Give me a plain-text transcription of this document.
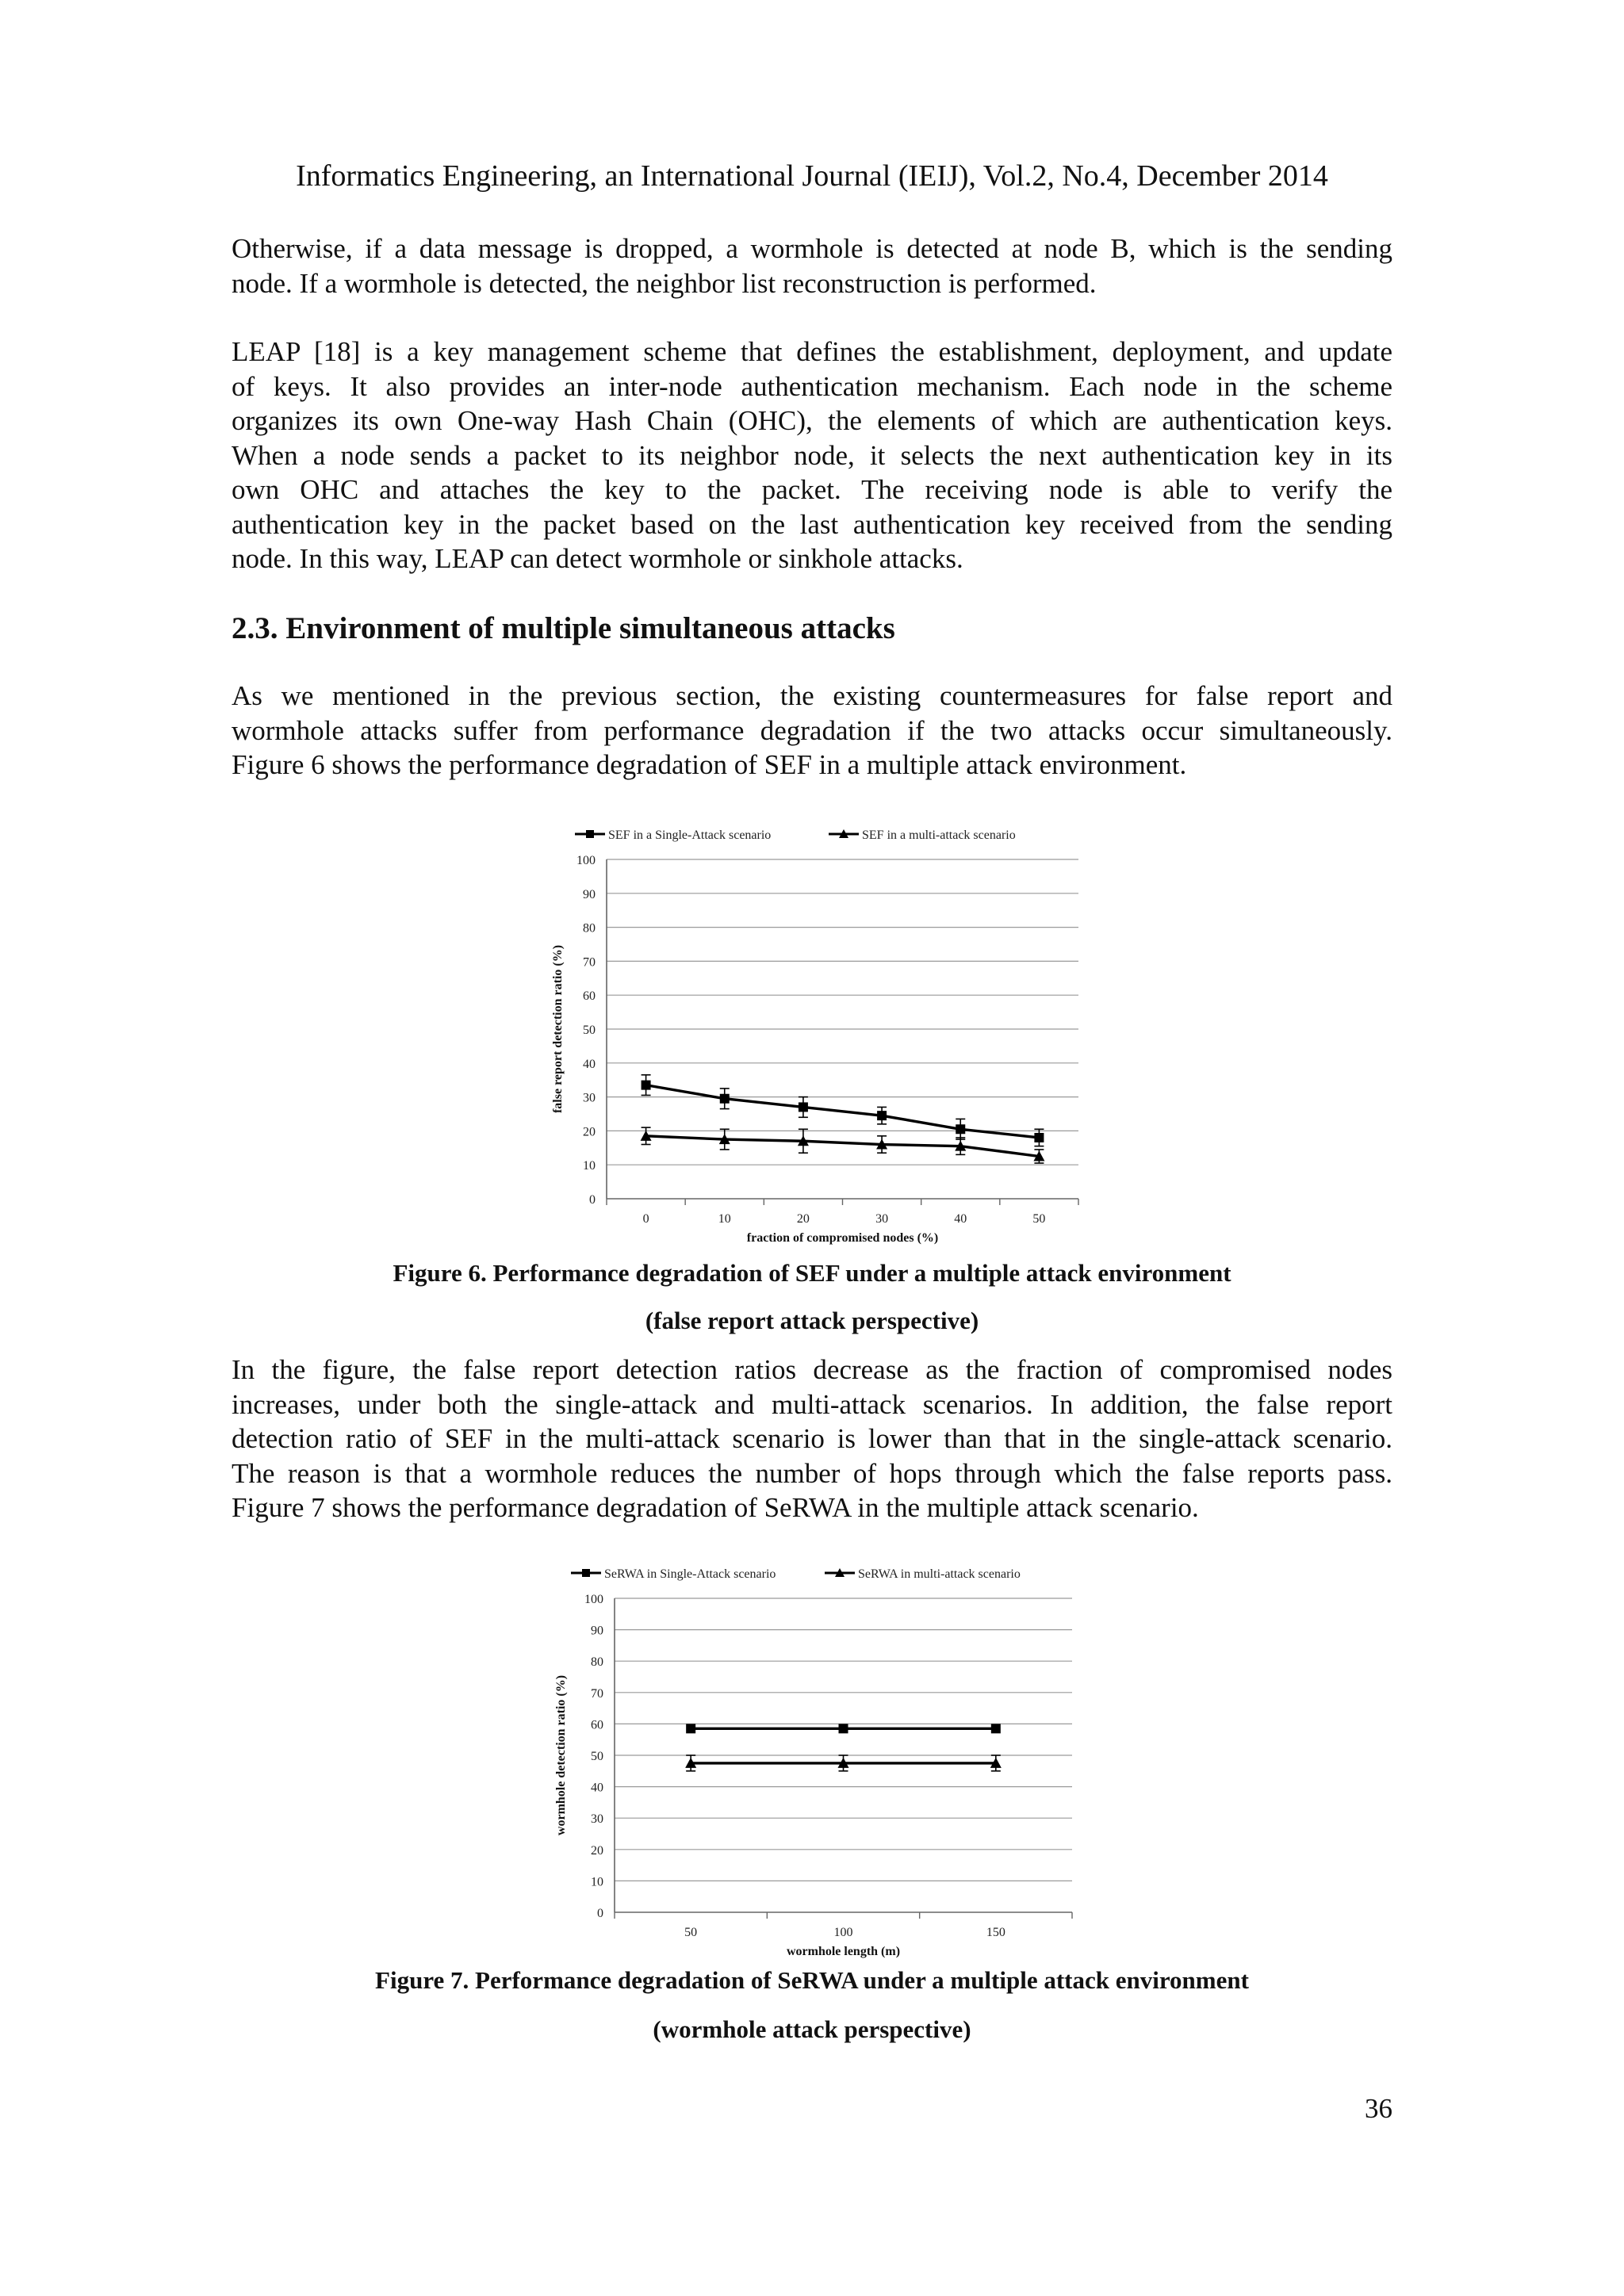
Informatics Engineering, an International Journal (IEIJ), Vol.2, No.4, December 2014
Otherwise, if a data message is dropped, a wormhole is detected at node B, which is the sending
node. If a wormhole is detected, the neighbor list reconstruction is performed.
LEAP [18] is a key management scheme that defines the establishment, deployment, and update
of keys. It also provides an inter-node authentication mechanism. Each node in the scheme
organizes its own One-way Hash Chain (OHC), the elements of which are authentication keys.
When a node sends a packet to its neighbor node, it selects the next authentication key in its
own OHC and attaches the key to the packet. The receiving node is able to verify the
authentication key in the packet based on the last authentication key received from the sending
node. In this way, LEAP can detect wormhole or sinkhole attacks.
2.3. Environment of multiple simultaneous attacks
As we mentioned in the previous section, the existing countermeasures for false report and
wormhole attacks suffer from performance degradation if the two attacks occur simultaneously.
Figure 6 shows the performance degradation of SEF in a multiple attack environment.
SEF in a Single-Attack scenario	SEF in a multi-attack scenario
0
10
20
30
40
50
60
70
80
90
100
0	10	20	30	40	50
fraction of compromised nodes (%)
false report detection ratio (%)
Figure 6. Performance degradation of SEF under a multiple attack environment
(false report attack perspective)
In the figure, the false report detection ratios decrease as the fraction of compromised nodes
increases, under both the single-attack and multi-attack scenarios. In addition, the false report
detection ratio of SEF in the multi-attack scenario is lower than that in the single-attack scenario.
The reason is that a wormhole reduces the number of hops through which the false reports pass.
Figure 7 shows the performance degradation of SeRWA in the multiple attack scenario.
SeRWA in Single-Attack scenario	SeRWA in multi-attack scenario
0
10
20
30
40
50
60
70
80
90
100
50	100	150
wormhole length (m)
wormhole detection ratio (%)
Figure 7. Performance degradation of SeRWA under a multiple attack environment
(wormhole attack perspective)
36
